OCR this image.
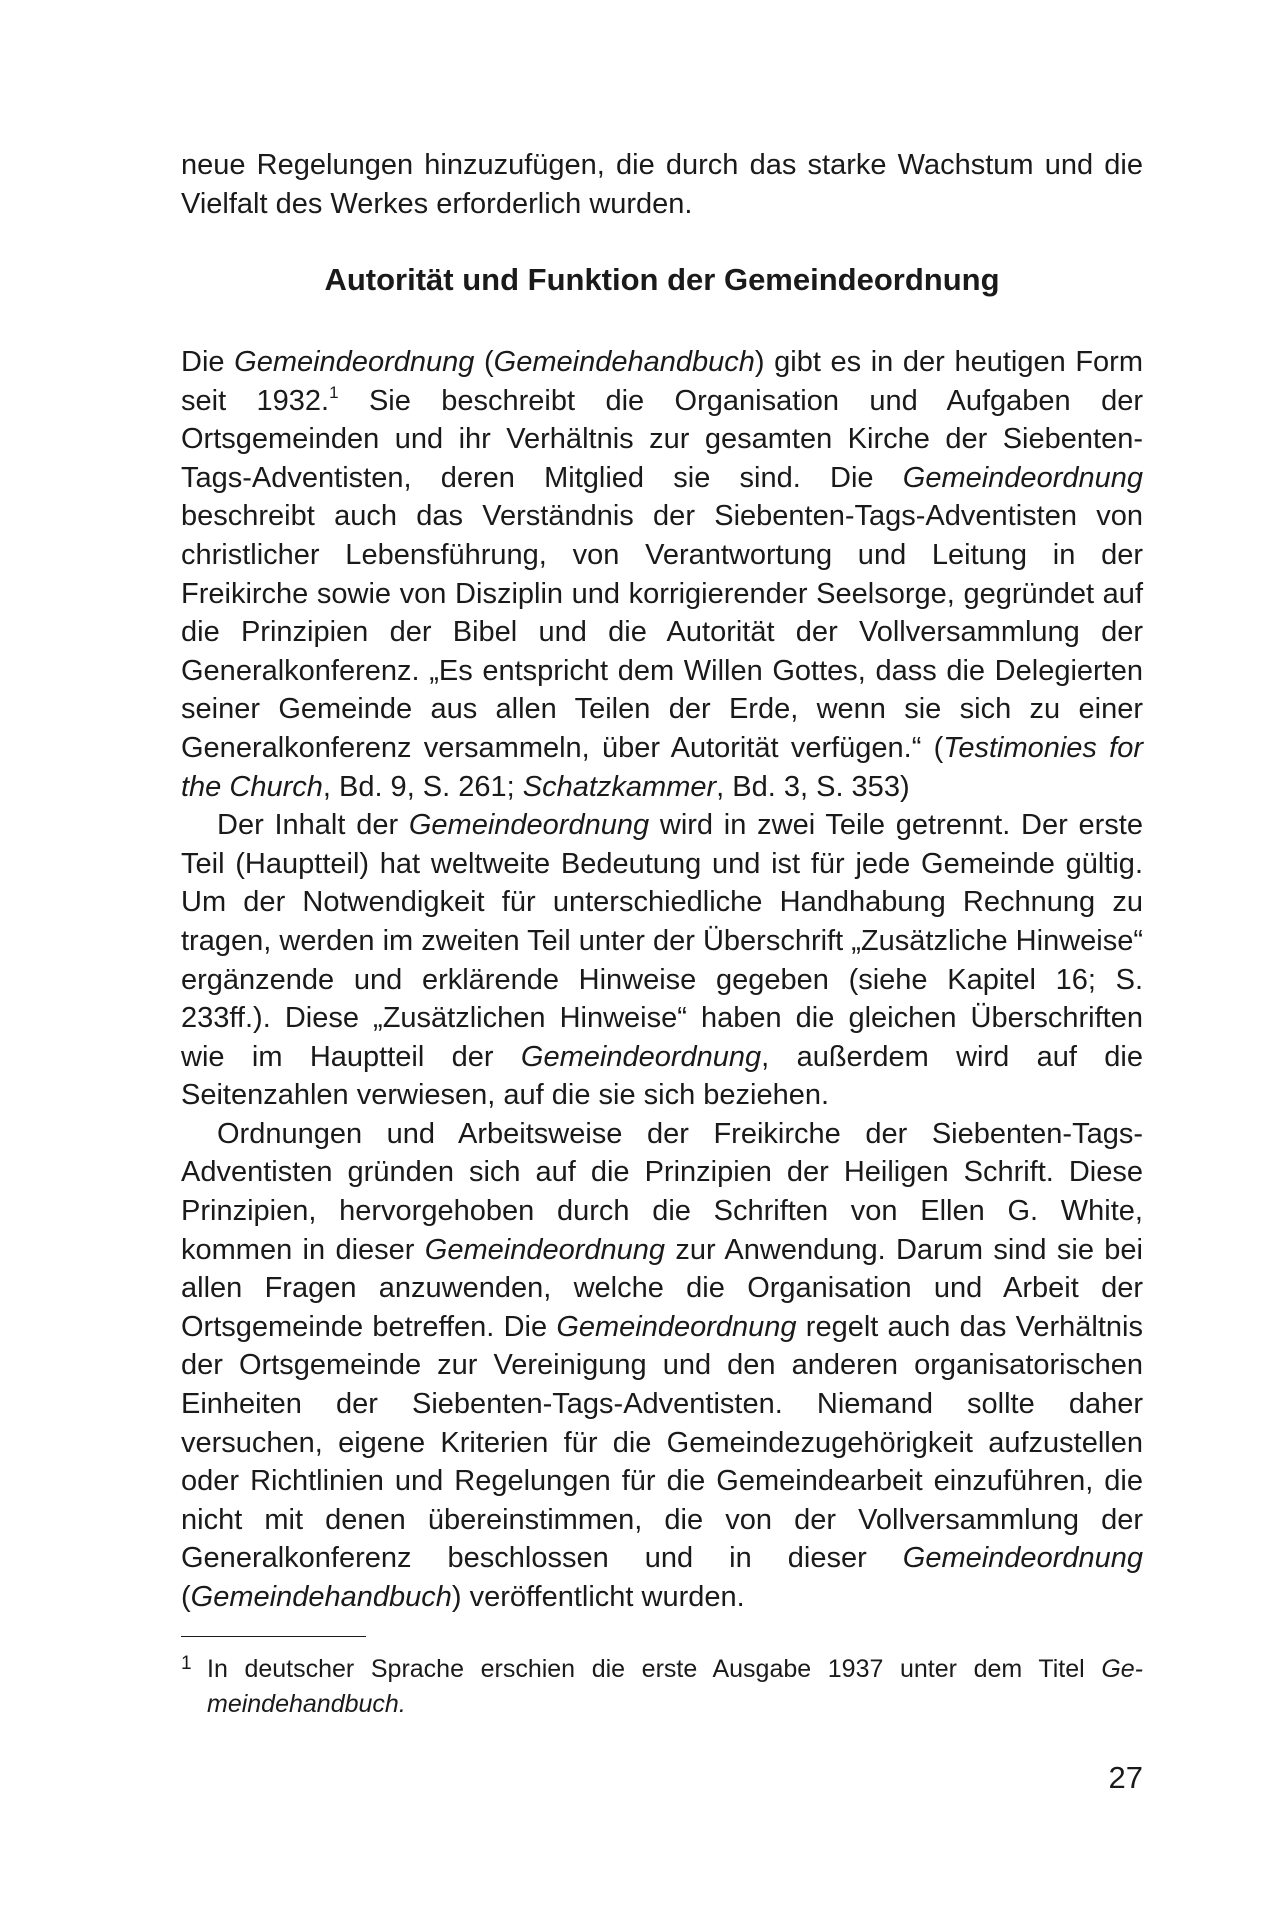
neue Regelungen hinzuzufügen, die durch das starke Wachstum und die Vielfalt des Werkes erforderlich wurden.
Autorität und Funktion der Gemeindeordnung

Die Gemeindeordnung (Gemeindehandbuch) gibt es in der heutigen Form seit 1932.$^1$ Sie beschreibt die Organisation und Aufgaben der Ortsgemeinden und ihr Verhältnis zur gesamten Kirche der Siebenten-Tags-Adventisten, deren Mitglied sie sind. Die Gemeindeordnung beschreibt auch das Verständnis der Siebenten-Tags-Adventisten von christlicher Lebensführung, von Verantwortung und Leitung in der Freikirche sowie von Disziplin und korrigierender Seelsorge, gegründet auf die Prinzipien der Bibel und die Autorität der Vollversammlung der Generalkonferenz. „Es entspricht dem Willen Gottes, dass die Delegierten seiner Gemeinde aus allen Teilen der Erde, wenn sie sich zu einer Generalkonferenz versammeln, über Autorität verfügen.“ (Testimonies for the Church, Bd. 9, S. 261; Schatzkammer, Bd. 3, S. 353)

Der Inhalt der Gemeindeordnung wird in zwei Teile getrennt. Der erste Teil (Hauptteil) hat weltweite Bedeutung und ist für jede Gemeinde gültig. Um der Notwendigkeit für unterschiedliche Handhabung Rechnung zu tragen, werden im zweiten Teil unter der Überschrift „Zusätzliche Hinweise“ ergänzende und erklärende Hinweise gegeben (siehe Kapitel 16; S. 233ff.). Diese „Zusätzlichen Hinweise“ haben die gleichen Überschriften wie im Hauptteil der Gemeindeordnung, außerdem wird auf die Seitenzahlen verwiesen, auf die sie sich beziehen.

Ordnungen und Arbeitsweise der Freikirche der Siebenten-Tags-Adventisten gründen sich auf die Prinzipien der Heiligen Schrift. Diese Prinzipien, hervorgehoben durch die Schriften von Ellen G. White, kommen in dieser Gemeindeordnung zur Anwendung. Darum sind sie bei allen Fragen anzuwenden, welche die Organisation und Arbeit der Ortsgemeinde betreffen. Die Gemeindeordnung regelt auch das Verhältnis der Ortsgemeinde zur Vereinigung und den anderen organisatorischen Einheiten der Siebenten-Tags-Adventisten. Niemand sollte daher versuchen, eigene Kriterien für die Gemeindezugehörigkeit aufzustellen oder Richtlinien und Regelungen für die Gemeindearbeit einzuführen, die nicht mit denen übereinstimmen, die von der Vollversammlung der Generalkonferenz beschlossen und in dieser Gemeindeordnung (Gemeindehandbuch) veröffentlicht wurden.

1 In deutscher Sprache erschien die erste Ausgabe 1937 unter dem Titel Gemeindehandbuch.
27
